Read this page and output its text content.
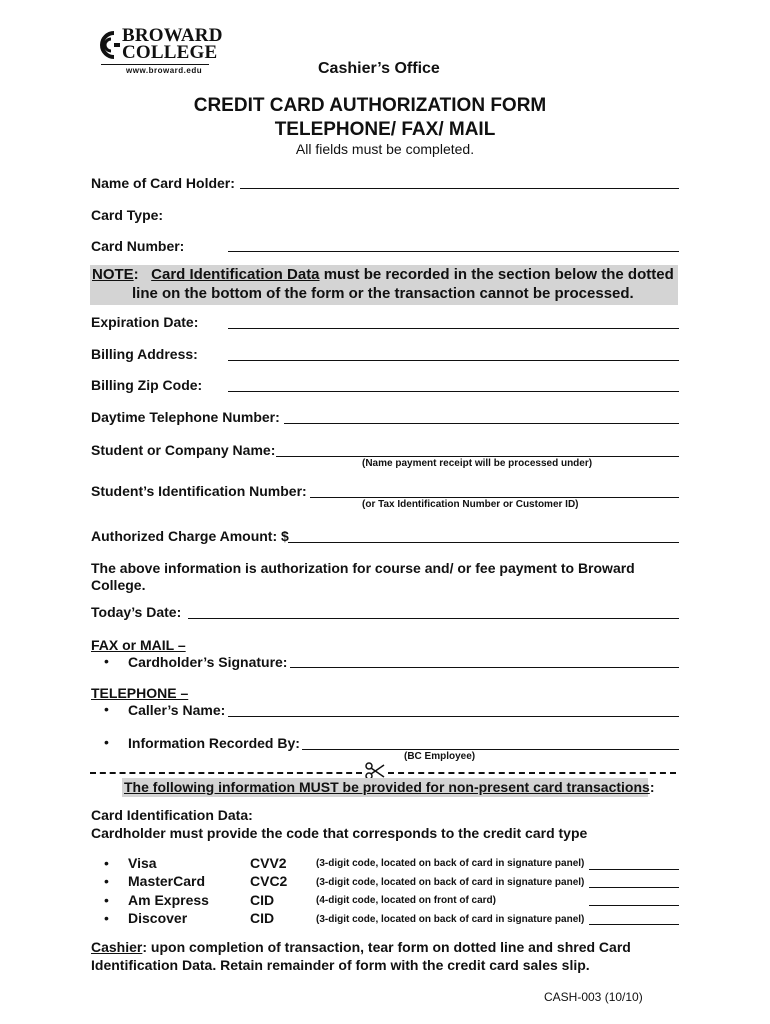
BROWARD
COLLEGE
www.broward.edu	Cashier’s Office
CREDIT CARD AUTHORIZATION FORM
TELEPHONE/ FAX/ MAIL
All fields must be completed.
Name of Card Holder:
Card Type:
Card Number:
NOTE:   Card Identification Data must be recorded in the section below the dotted
line on the bottom of the form or the transaction cannot be processed.
Expiration Date:
Billing Address:
Billing Zip Code:
Daytime Telephone Number:
Student or Company Name:
(Name payment receipt will be processed under)
Student’s Identification Number:
(or Tax Identification Number or Customer ID)
Authorized Charge Amount: $
The above information is authorization for course and/ or fee payment to Broward
College.
Today’s Date:
FAX or MAIL –
• Cardholder’s Signature:
TELEPHONE –
• Caller’s Name:
• Information Recorded By:
(BC Employee)
The following information MUST be provided for non-present card transactions:
Card Identification Data:
Cardholder must provide the code that corresponds to the credit card type
• Visa	CVV2	(3-digit code, located on back of card in signature panel)
• MasterCard	CVC2	(3-digit code, located on back of card in signature panel)
• Am Express	CID	(4-digit code, located on front of card)
• Discover	CID	(3-digit code, located on back of card in signature panel)
Cashier: upon completion of transaction, tear form on dotted line and shred Card
Identification Data. Retain remainder of form with the credit card sales slip.
CASH-003 (10/10)
